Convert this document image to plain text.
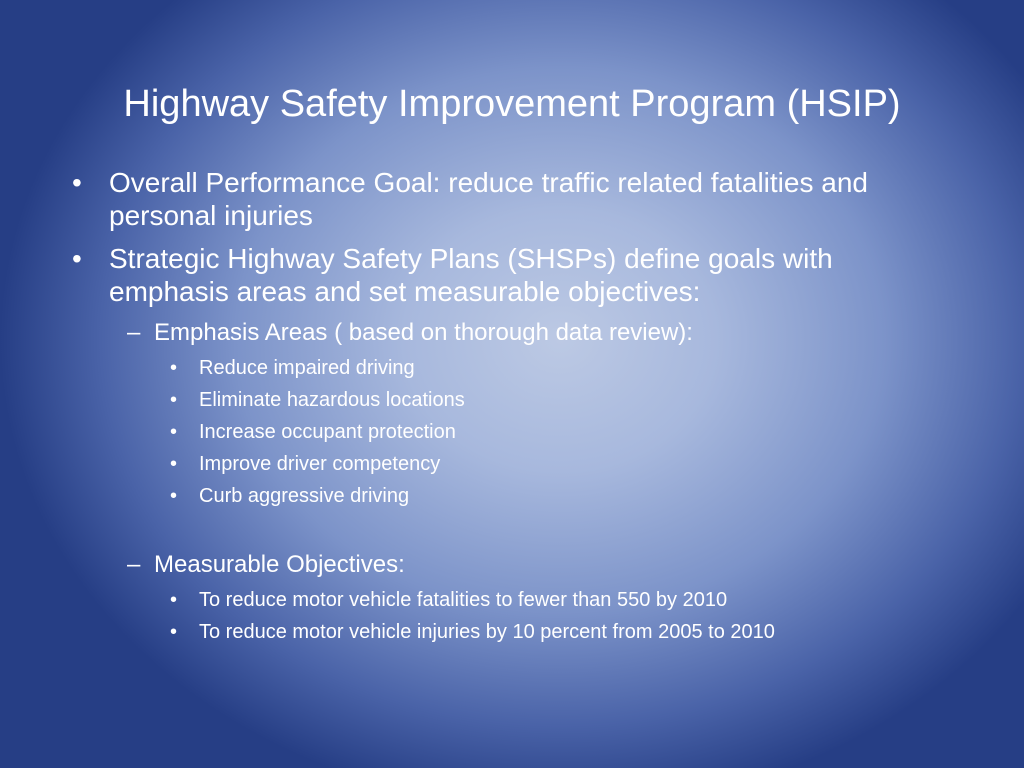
Highway Safety Improvement Program (HSIP)
• Overall Performance Goal: reduce traffic related fatalities and personal injuries
• Strategic Highway Safety Plans (SHSPs) define goals with emphasis areas and set measurable objectives:
– Emphasis Areas ( based on thorough data review):
• Reduce impaired driving
• Eliminate hazardous locations
• Increase occupant protection
• Improve driver competency
• Curb aggressive driving
– Measurable Objectives:
• To reduce motor vehicle fatalities to fewer than 550 by 2010
• To reduce motor vehicle injuries by 10 percent from 2005 to 2010
